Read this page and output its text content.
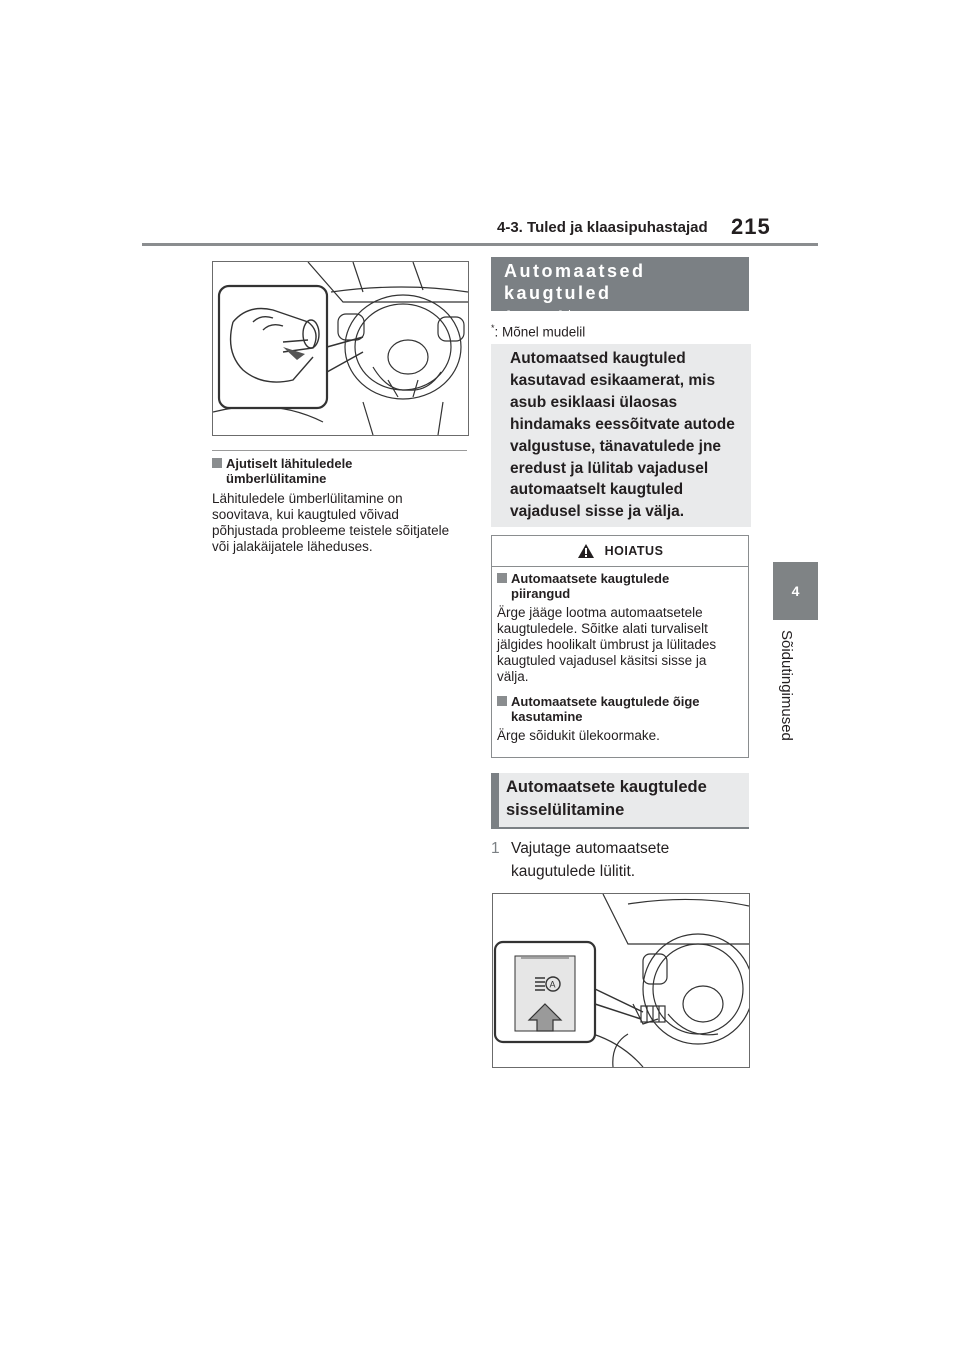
4-3. Tuled ja klaasipuhastajad 215
4
Sõidutingimused
Ajutiselt lähituledele
ümberlülitamine
Lähituledele ümberlülitamine on
soovitava, kui kaugtuled võivad
põhjustada probleeme teistele sõitjatele
või jalakäijatele läheduses.
Automaatsed kaugtuled
(AHB)*
*: Mõnel mudelil
Automaatsed kaugtuled
kasutavad esikaamerat, mis
asub esiklaasi ülaosas
hindamaks eessõitvate autode
valgustuse, tänavatulede jne
eredust ja lülitab vajadusel
automaatselt kaugtuled
vajadusel sisse ja välja.
HOIATUS
Automaatsete kaugtulede
piirangud
Ärge jääge lootma automaatsetele
kaugtuledele. Sõitke alati turvaliselt
jälgides hoolikalt ümbrust ja lülitades
kaugtuled vajadusel käsitsi sisse ja
välja.
Automaatsete kaugtulede õige
kasutamine
Ärge sõidukit ülekoormake.
Automaatsete kaugtulede
sisselülitamine
1 Vajutage automaatsete
kaugutulede lülitit.
A
